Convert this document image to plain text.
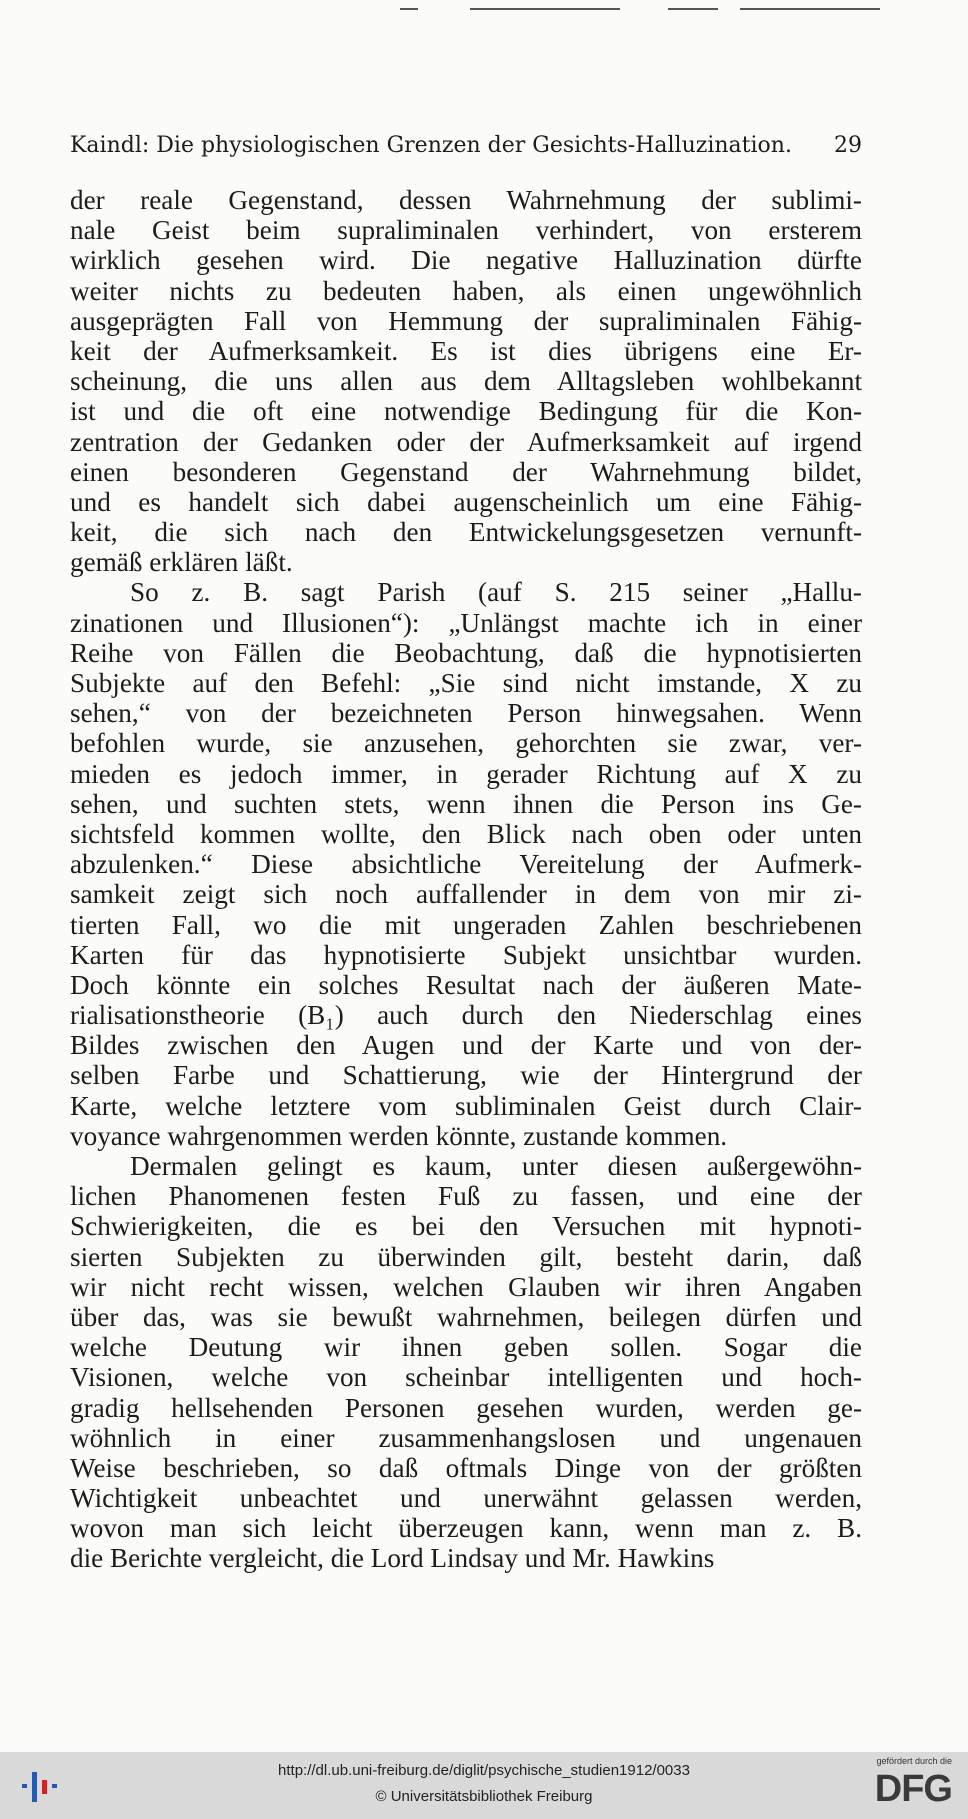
Kaindl: Die physiologischen Grenzen der Gesichts-Halluzination. 29
der reale Gegenstand, dessen Wahrnehmung der sublimi-
nale Geist beim supraliminalen verhindert, von ersterem
wirklich gesehen wird. Die negative Halluzination dürfte
weiter nichts zu bedeuten haben, als einen ungewöhnlich
ausgeprägten Fall von Hemmung der supraliminalen Fähig-
keit der Aufmerksamkeit. Es ist dies übrigens eine Er-
scheinung, die uns allen aus dem Alltagsleben wohlbekannt
ist und die oft eine notwendige Bedingung für die Kon-
zentration der Gedanken oder der Aufmerksamkeit auf irgend
einen besonderen Gegenstand der Wahrnehmung bildet,
und es handelt sich dabei augenscheinlich um eine Fähig-
keit, die sich nach den Entwickelungsgesetzen vernunft-
gemäß erklären läßt.
So z. B. sagt Parish (auf S. 215 seiner „Hallu-
zinationen und Illusionen“): „Unlängst machte ich in einer
Reihe von Fällen die Beobachtung, daß die hypnotisierten
Subjekte auf den Befehl: „Sie sind nicht imstande, X zu
sehen,“ von der bezeichneten Person hinwegsahen. Wenn
befohlen wurde, sie anzusehen, gehorchten sie zwar, ver-
mieden es jedoch immer, in gerader Richtung auf X zu
sehen, und suchten stets, wenn ihnen die Person ins Ge-
sichtsfeld kommen wollte, den Blick nach oben oder unten
abzulenken.“ Diese absichtliche Vereitelung der Aufmerk-
samkeit zeigt sich noch auffallender in dem von mir zi-
tierten Fall, wo die mit ungeraden Zahlen beschriebenen
Karten für das hypnotisierte Subjekt unsichtbar wurden.
Doch könnte ein solches Resultat nach der äußeren Mate-
rialisationstheorie (B₁) auch durch den Niederschlag eines
Bildes zwischen den Augen und der Karte und von der-
selben Farbe und Schattierung, wie der Hintergrund der
Karte, welche letztere vom subliminalen Geist durch Clair-
voyance wahrgenommen werden könnte, zustande kommen.
Dermalen gelingt es kaum, unter diesen außergewöhn-
lichen Phanomenen festen Fuß zu fassen, und eine der
Schwierigkeiten, die es bei den Versuchen mit hypnoti-
sierten Subjekten zu überwinden gilt, besteht darin, daß
wir nicht recht wissen, welchen Glauben wir ihren Angaben
über das, was sie bewußt wahrnehmen, beilegen dürfen und
welche Deutung wir ihnen geben sollen. Sogar die
Visionen, welche von scheinbar intelligenten und hoch-
gradig hellsehenden Personen gesehen wurden, werden ge-
wöhnlich in einer zusammenhangslosen und ungenauen
Weise beschrieben, so daß oftmals Dinge von der größten
Wichtigkeit unbeachtet und unerwähnt gelassen werden,
wovon man sich leicht überzeugen kann, wenn man z. B.
die Berichte vergleicht, die Lord Lindsay und Mr. Hawkins
http://dl.ub.uni-freiburg.de/diglit/psychische_studien1912/0033
© Universitätsbibliothek Freiburg
gefördert durch die
DFG
